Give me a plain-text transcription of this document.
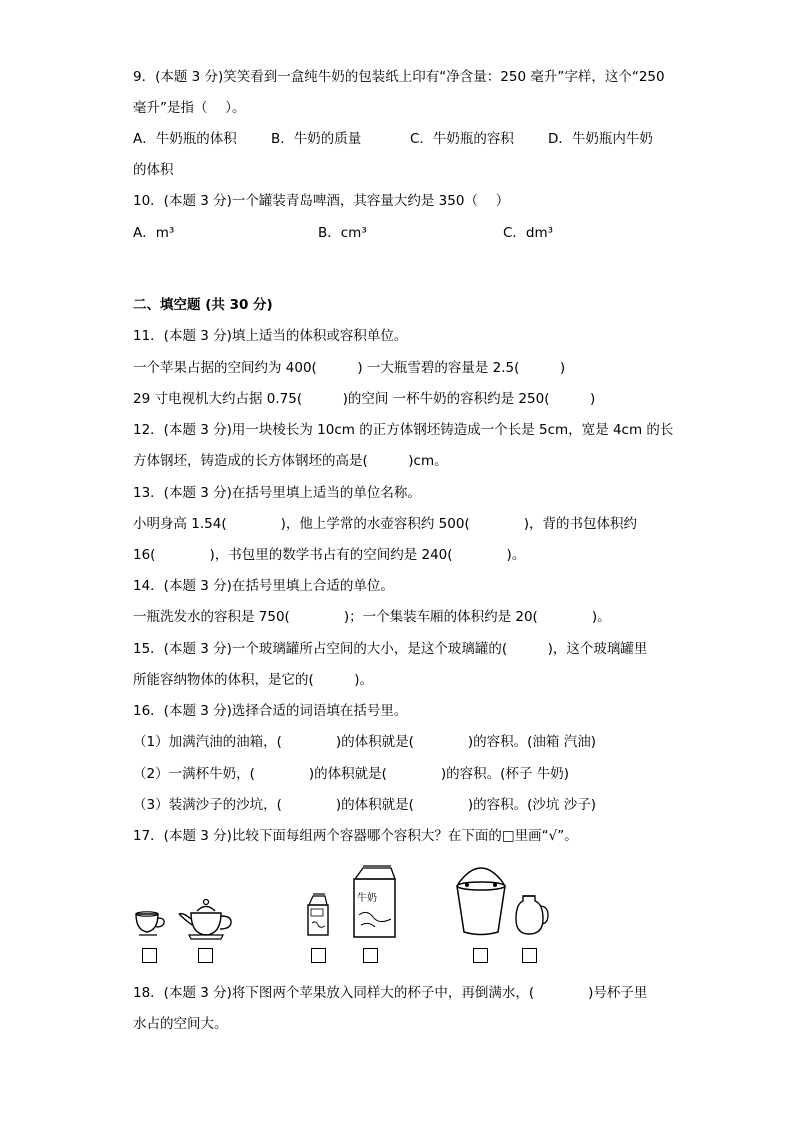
9．(本题 3 分)笑笑看到一盒纯牛奶的包装纸上印有“净含量：250 毫升”字样，这个“250
毫升”是指（　 ）。
A．牛奶瓶的体积	B．牛奶的质量	C．牛奶瓶的容积	D．牛奶瓶内牛奶
的体积
10．(本题 3 分)一个罐装青岛啤酒，其容量大约是 350（　 ）
A．m³	B．cm³	C．dm³
二、填空题 (共 30 分)
11．(本题 3 分)填上适当的体积或容积单位。
一个苹果占据的空间约为 400(　　　) 一大瓶雪碧的容量是 2.5(　　　)
29 寸电视机大约占据 0.75(　　　)的空间 一杯牛奶的容积约是 250(　　　)
12．(本题 3 分)用一块棱长为 10cm 的正方体钢坯铸造成一个长是 5cm，宽是 4cm 的长
方体钢坯，铸造成的长方体钢坯的高是(　　　)cm。
13．(本题 3 分)在括号里填上适当的单位名称。
小明身高 1.54(　　　　)，他上学常的水壶容积约 500(　　　　)，背的书包体积约
16(　　　　)，书包里的数学书占有的空间约是 240(　　　　)。
14．(本题 3 分)在括号里填上合适的单位。
一瓶洗发水的容积是 750(　　　　)；一个集装车厢的体积约是 20(　　　　)。
15．(本题 3 分)一个玻璃罐所占空间的大小，是这个玻璃罐的(　　　)，这个玻璃罐里
所能容纳物体的体积，是它的(　　　)。
16．(本题 3 分)选择合适的词语填在括号里。
（1）加满汽油的油箱，(　　　　)的体积就是(　　　　)的容积。(油箱 汽油)
（2）一满杯牛奶，(　　　　)的体积就是(　　　　)的容积。(杯子 牛奶)
（3）装满沙子的沙坑，(　　　　)的体积就是(　　　　)的容积。(沙坑 沙子)
17．(本题 3 分)比较下面每组两个容器哪个容积大？在下面的□里画“√”。
牛奶
18．(本题 3 分)将下图两个苹果放入同样大的杯子中，再倒满水，(　　　　)号杯子里
水占的空间大。
